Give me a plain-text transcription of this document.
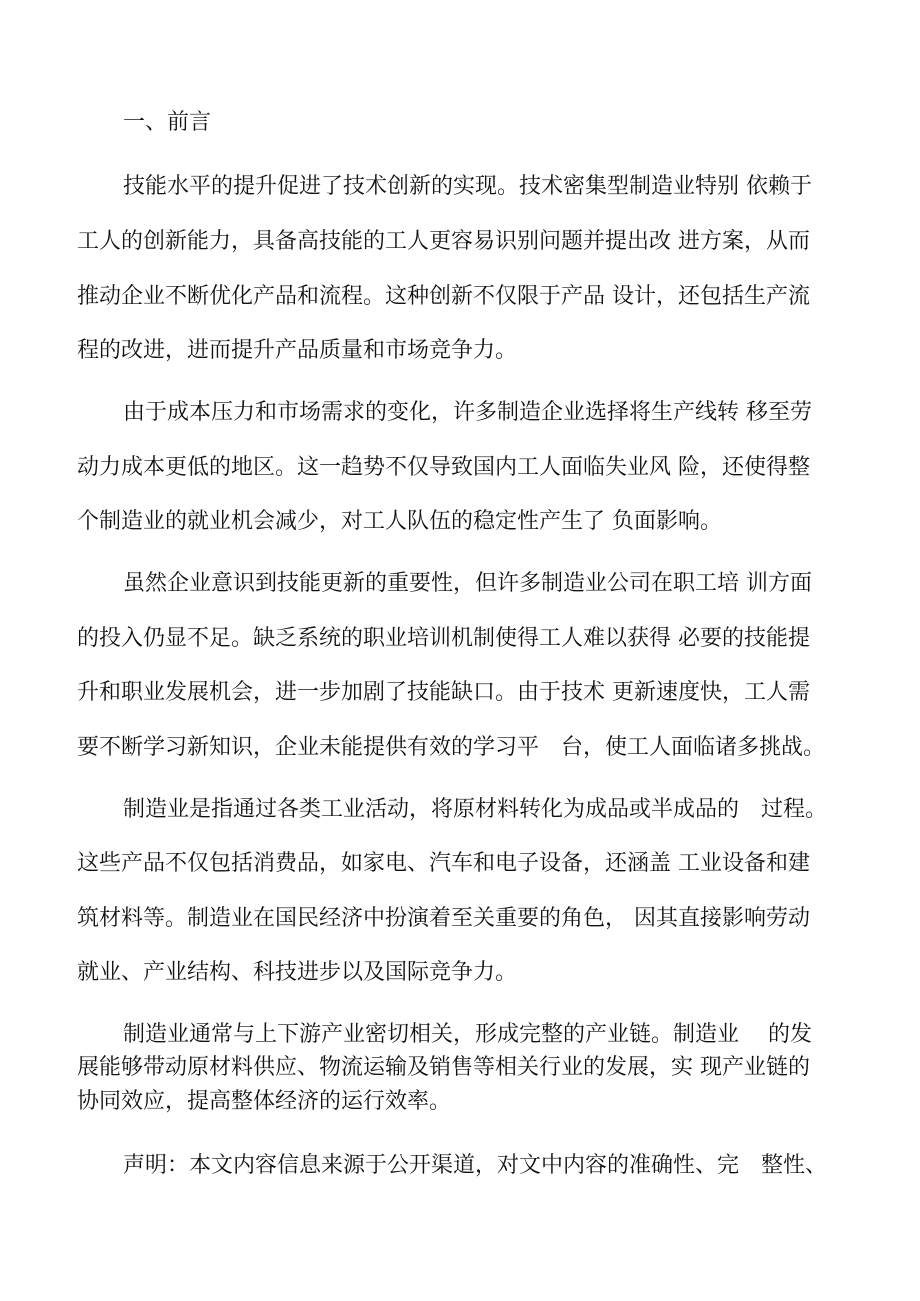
一、前言

技能水平的提升促进了技术创新的实现。技术密集型制造业特别 依赖于

工人的创新能力，具备高技能的工人更容易识别问题并提出改 进方案，从而

推动企业不断优化产品和流程。这种创新不仅限于产品 设计，还包括生产流

程的改进，进而提升产品质量和市场竞争力。

由于成本压力和市场需求的变化，许多制造企业选择将生产线转 移至劳

动力成本更低的地区。这一趋势不仅导致国内工人面临失业风 险，还使得整

个制造业的就业机会减少，对工人队伍的稳定性产生了 负面影响。

虽然企业意识到技能更新的重要性，但许多制造业公司在职工培 训方面

的投入仍显不足。缺乏系统的职业培训机制使得工人难以获得 必要的技能提

升和职业发展机会，进一步加剧了技能缺口。由于技术 更新速度快，工人需

要不断学习新知识，企业未能提供有效的学习平　台，使工人面临诸多挑战。

制造业是指通过各类工业活动，将原材料转化为成品或半成品的　过程。

这些产品不仅包括消费品，如家电、汽车和电子设备，还涵盖 工业设备和建

筑材料等。制造业在国民经济中扮演着至关重要的角色， 因其直接影响劳动

就业、产业结构、科技进步以及国际竞争力。

制造业通常与上下游产业密切相关，形成完整的产业链。制造业　 的发

展能够带动原材料供应、物流运输及销售等相关行业的发展，实 现产业链的

协同效应，提高整体经济的运行效率。

声明：本文内容信息来源于公开渠道，对文中内容的准确性、完　整性、
